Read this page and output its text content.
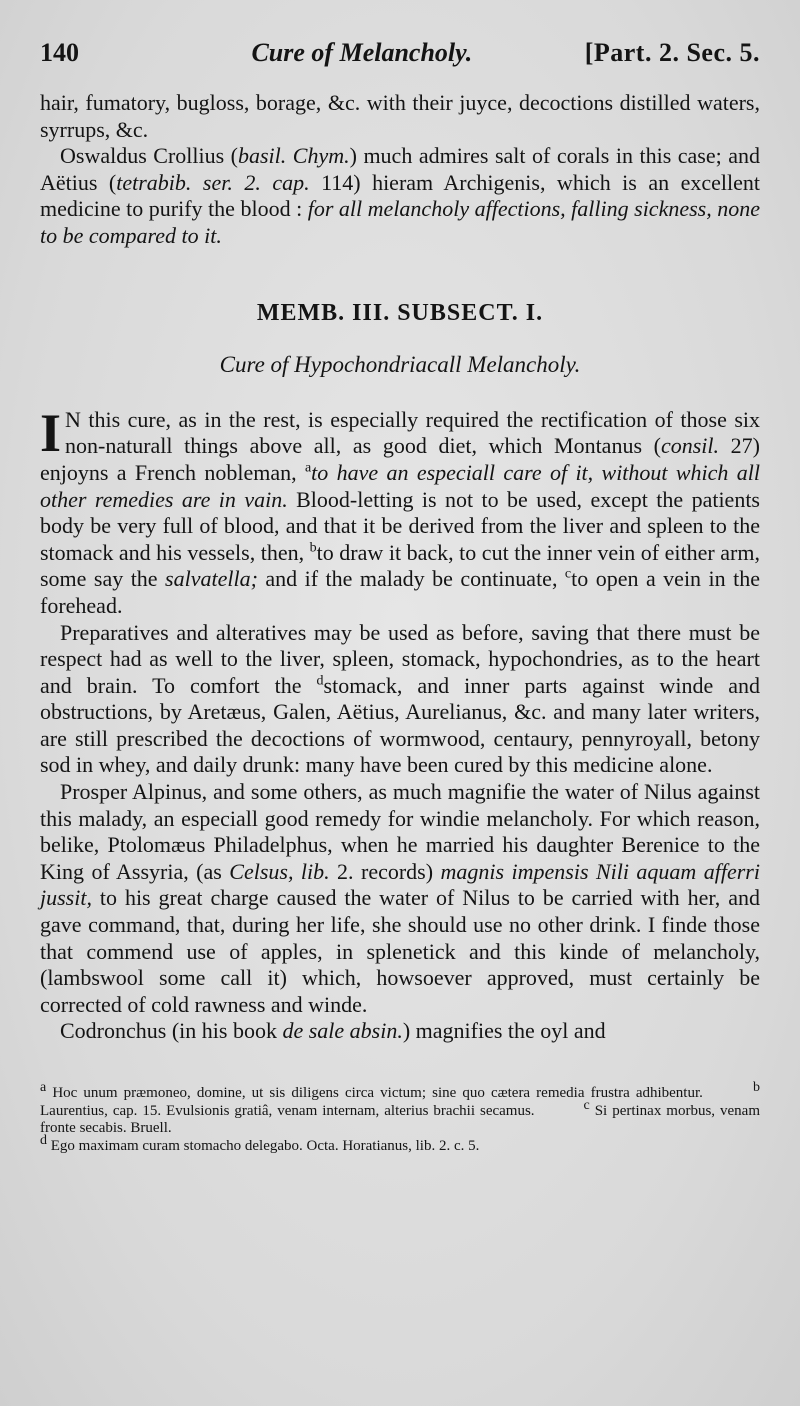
140	Cure of Melancholy.	[Part. 2. Sec. 5.

hair, fumatory, bugloss, borage, &c. with their juyce, decoctions distilled waters, syrrups, &c.

Oswaldus Crollius (basil. Chym.) much admires salt of corals in this case; and Aëtius (tetrabib. ser. 2. cap. 114) hieram Archigenis, which is an excellent medicine to purify the blood : for all melancholy affections, falling sickness, none to be compared to it.

MEMB. III. SUBSECT. I.
Cure of Hypochondriacall Melancholy.

I N this cure, as in the rest, is especially required the rectification of those six non-naturall things above all, as good diet, which Montanus (consil. 27) enjoyns a French nobleman, $^a$to have an especiall care of it, without which all other remedies are in vain. Blood-letting is not to be used, except the patients body be very full of blood, and that it be derived from the liver and spleen to the stomack and his vessels, then, $^b$to draw it back, to cut the inner vein of either arm, some say the salvatella; and if the malady be continuate, $^c$to open a vein in the forehead.

Preparatives and alteratives may be used as before, saving that there must be respect had as well to the liver, spleen, stomack, hypochondries, as to the heart and brain. To comfort the $^d$stomack, and inner parts against winde and obstructions, by Aretæus, Galen, Aëtius, Aurelianus, &c. and many later writers, are still prescribed the decoctions of wormwood, centaury, pennyroyall, betony sod in whey, and daily drunk: many have been cured by this medicine alone.

Prosper Alpinus, and some others, as much magnifie the water of Nilus against this malady, an especiall good remedy for windie melancholy. For which reason, belike, Ptolomæus Philadelphus, when he married his daughter Berenice to the King of Assyria, (as Celsus, lib. 2. records) magnis impensis Nili aquam afferri jussit, to his great charge caused the water of Nilus to be carried with her, and gave command, that, during her life, she should use no other drink. I finde those that commend use of apples, in splenetick and this kinde of melancholy, (lambswool some call it) which, howsoever approved, must certainly be corrected of cold rawness and winde.

Codronchus (in his book de sale absin.) magnifies the oyl and

$^a$ Hoc unum præmoneo, domine, ut sis diligens circa victum; sine quo cætera remedia frustra adhibentur.	$^b$ Laurentius, cap. 15. Evulsionis gratiâ, venam internam, alterius brachii secamus.	$^c$ Si pertinax morbus, venam fronte secabis. Bruell.
$^d$ Ego maximam curam stomacho delegabo. Octa. Horatianus, lib. 2. c. 5.
